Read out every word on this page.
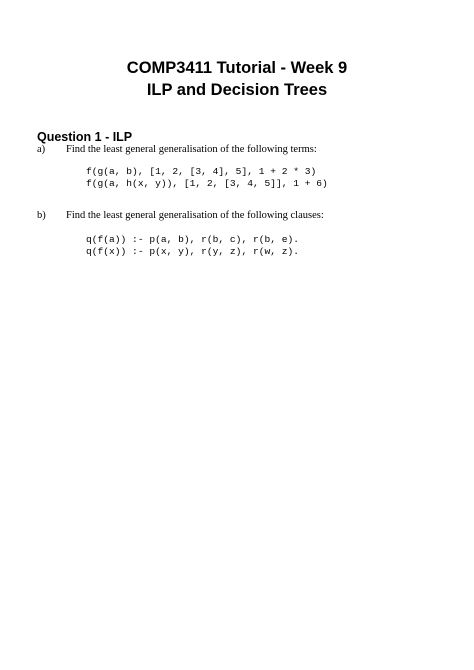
COMP3411 Tutorial - Week 9
ILP and Decision Trees
Question 1 - ILP
a) Find the least general generalisation of the following terms:
f(g(a, b), [1, 2, [3, 4], 5], 1 + 2 * 3)
f(g(a, h(x, y)), [1, 2, [3, 4, 5]], 1 + 6)
b) Find the least general generalisation of the following clauses:
q(f(a)) :- p(a, b), r(b, c), r(b, e).
q(f(x)) :- p(x, y), r(y, z), r(w, z).
